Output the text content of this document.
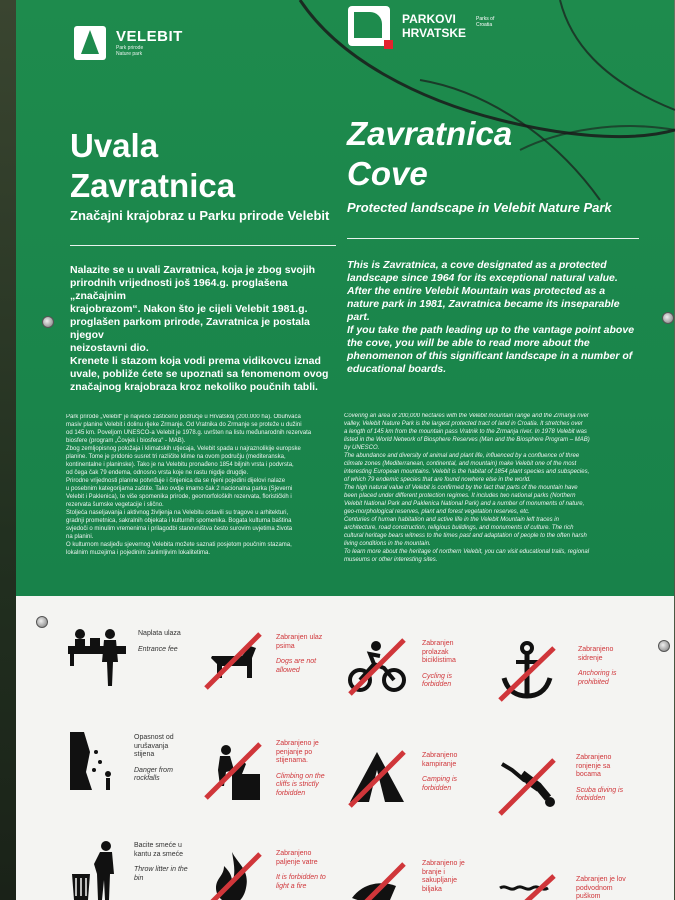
VELEBIT
Park prirode
Nature park
PARKOVI
HRVATSKE
Parks of
Croatia
Uvala
Zavratnica
Zavratnica
Cove
Značajni krajobraz u Parku prirode Velebit
Protected landscape in Velebit Nature Park

Nalazite se u uvali Zavratnica, koja je zbog svojih

prirodnih vrijednosti još 1964.g. proglašena „značajnim

krajobrazom“. Nakon što je cijeli Velebit 1981.g.

proglašen parkom prirode, Zavratnica je postala njegov

neizostavni dio.

Krenete li stazom koja vodi prema vidikovcu iznad

uvale, pobliže ćete se upoznati sa fenomenom ovog

značajnog krajobraza kroz nekoliko poučnih tabli.

This is Zavratnica, a cove designated as a protected

landscape since 1964 for its exceptional natural value.

After the entire Velebit Mountain was protected as a

nature park in 1981, Zavratnica became its inseparable

part.

If you take the path leading up to the vantage point above

the cove, you will be able to read more about the

phenomenon of this significant landscape in a number of

educational boards.

Park prirode „Velebit“ je najveće zaštićeno područje u Hrvatskoj (200.000 ha). Obuhvaća
masiv planine Velebit i dolinu rijeke Zrmanje. Od Vratnika do Zrmanje se proteže u dužini
od 145 km. Povelјom UNESCO-a Velebit je 1978.g. uvršten na listu međunarodnih rezervata
biosfere (program „Čovjek i biosfera“ - MAB).
Zbog zemljopisnog položaja i klimatskih utjecaja, Velebit spada u najraznolikije europske
planine. Tome je pridonio susret tri različite klime na ovom području (mediteranska,
kontinentalne i planinske). Tako je na Velebitu pronađeno 1854 biljnih vrsta i podvrsta,
od čega čak 79 endema, odnosno vrsta koje ne rastu nigdje drugdje.
Prirodne vrijednosti planine potvrđuje i činjenica da se njeni pojedini dijelovi nalaze
u posebnim kategorijama zaštite. Tako ovdje imamo čak 2 nacionalna parka (Sjeverni
Velebit i Paklenica), te više spomenika prirode, geomorfoloških rezervata, florističkih i
rezervata šumske vegetacije i slično.
Stoljeća naseljavanja i aktivnog življenja na Velebitu ostavili su tragove u arhitekturi,
gradnji prometnica, sakralnih objekata i kulturnih spomenika. Bogata kulturna baština
svjedoči o minulim vremenima i prilagodbi stanovništva često surovim uvjetima života
na planini.
O kulturnom nasljeđu sjevernog Velebita možete saznati posjetom poučnim stazama,
lokalnim muzejima i pojedinim zanimljivim lokalitetima.
Covering an area of 200,000 hectares with the Velebit mountain range and the Zrmanja river
valley, Velebit Nature Park is the largest protected tract of land in Croatia. It stretches over
a length of 145 km from the mountain pass Vratnik to the Zrmanja river. In 1978 Velebit was
listed in the World Network of Biosphere Reserves (Man and the Biosphere Program – MAB)
by UNESCO.
The abundance and diversity of animal and plant life, influenced by a confluence of three
climate zones (Mediterranean, continental, and mountain) make Velebit one of the most
interesting European mountains. Velebit is the habitat of 1854 plant species and subspecies,
of which 79 endemic species that are found nowhere else in the world.
The high natural value of Velebit is confirmed by the fact that parts of the mountain have
been placed under different protection regimes. It includes two national parks (Northern
Velebit National Park and Paklenica National Park) and a number of monuments of nature,
geo-morphological reserves, plant and forest vegetation reserves, etc.
Centuries of human habitation and active life in the Velebit Mountain left traces in
architecture, road construction, religious buildings, and monuments of culture. The rich
cultural heritage bears witness to the times past and adaptation of people to the often harsh
living conditions in the mountain.
To learn more about the heritage of northern Velebit, you can visit educational trails, regional
museums or other interesting sites.
Naplata ulaza
Entrance fee
Zabranjen ulaz
psima
Dogs are not
allowed
Zabranjen
prolazak
biciklistima
Cycling is
forbidden
Zabranjeno
sidrenje
Anchoring is
prohibited
Opasnost od
urušavanja
stijena
Danger from
rockfalls
Zabranjeno je
penjanje po
stijenama.
Climbing on the
cliffs is strictly
forbidden
Zabranjeno
kampiranje
Camping is
forbidden
Zabranjeno
ronjenje sa
bocama
Scuba diving is
forbidden
Bacite smeće u
kantu za smeće
Throw litter in the
bin
Zabranjeno
paljenje vatre
It is forbidden to
light a fire
Zabranjeno je
branje i
sakupljanje
bilјaka
Zabranjen je lov
podvodnom
puškom
